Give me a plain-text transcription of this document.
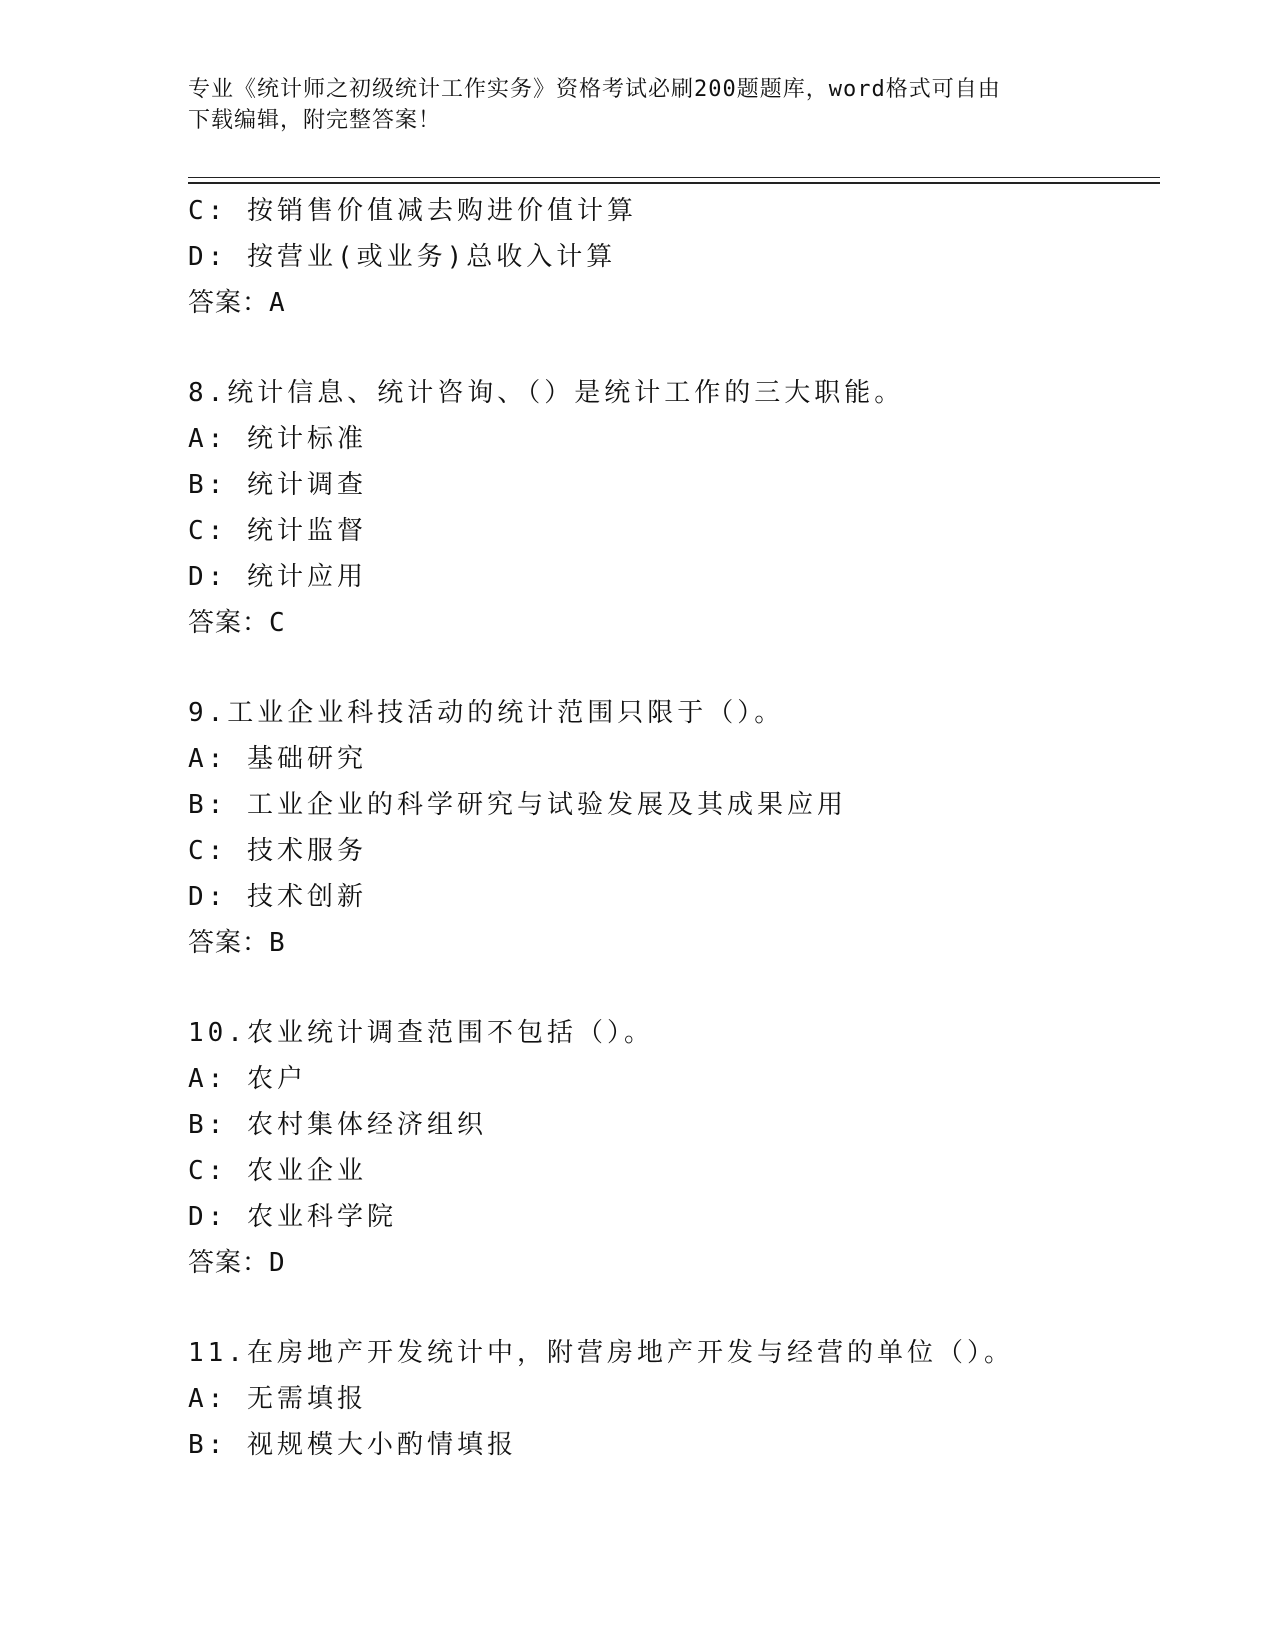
专业《统计师之初级统计工作实务》资格考试必刷200题题库，word格式可自由
下载编辑，附完整答案！
C: 按销售价值减去购进价值计算
D: 按营业(或业务)总收入计算
答案：A
8.统计信息、统计咨询、（）是统计工作的三大职能。
A: 统计标准
B: 统计调查
C: 统计监督
D: 统计应用
答案：C
9.工业企业科技活动的统计范围只限于（）。
A: 基础研究
B: 工业企业的科学研究与试验发展及其成果应用
C: 技术服务
D: 技术创新
答案：B
10.农业统计调查范围不包括（）。
A: 农户
B: 农村集体经济组织
C: 农业企业
D: 农业科学院
答案：D
11.在房地产开发统计中，附营房地产开发与经营的单位（）。
A: 无需填报
B: 视规模大小酌情填报
